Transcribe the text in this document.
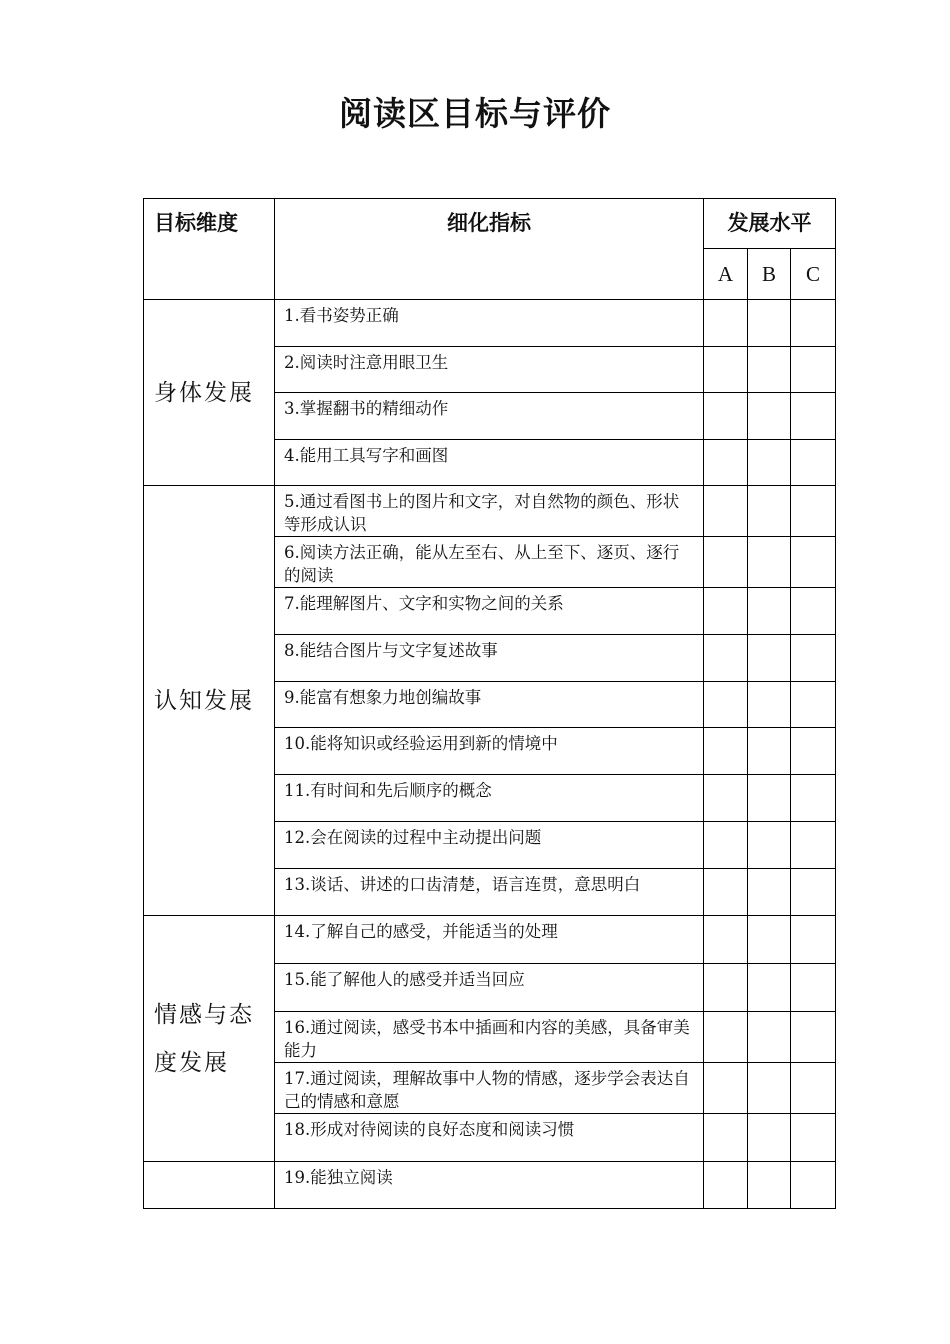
阅读区目标与评价
目标维度	细化指标	发展水平		
		A	B	C
身体发展	1.看书姿势正确			
	2.阅读时注意用眼卫生			
	3.掌握翻书的精细动作			
	4.能用工具写字和画图			
认知发展	5.通过看图书上的图片和文字，对自然物的颜色、形状等形成认识			
	6.阅读方法正确，能从左至右、从上至下、逐页、逐行的阅读			
	7.能理解图片、文字和实物之间的关系			
	8.能结合图片与文字复述故事			
	9.能富有想象力地创编故事			
	10.能将知识或经验运用到新的情境中			
	11.有时间和先后顺序的概念			
	12.会在阅读的过程中主动提出问题			
	13.谈话、讲述的口齿清楚，语言连贯，意思明白			
情感与态度发展	14.了解自己的感受，并能适当的处理			
	15.能了解他人的感受并适当回应			
	16.通过阅读，感受书本中插画和内容的美感，具备审美能力			
	17.通过阅读，理解故事中人物的情感，逐步学会表达自己的情感和意愿			
	18.形成对待阅读的良好态度和阅读习惯			
	19.能独立阅读			
